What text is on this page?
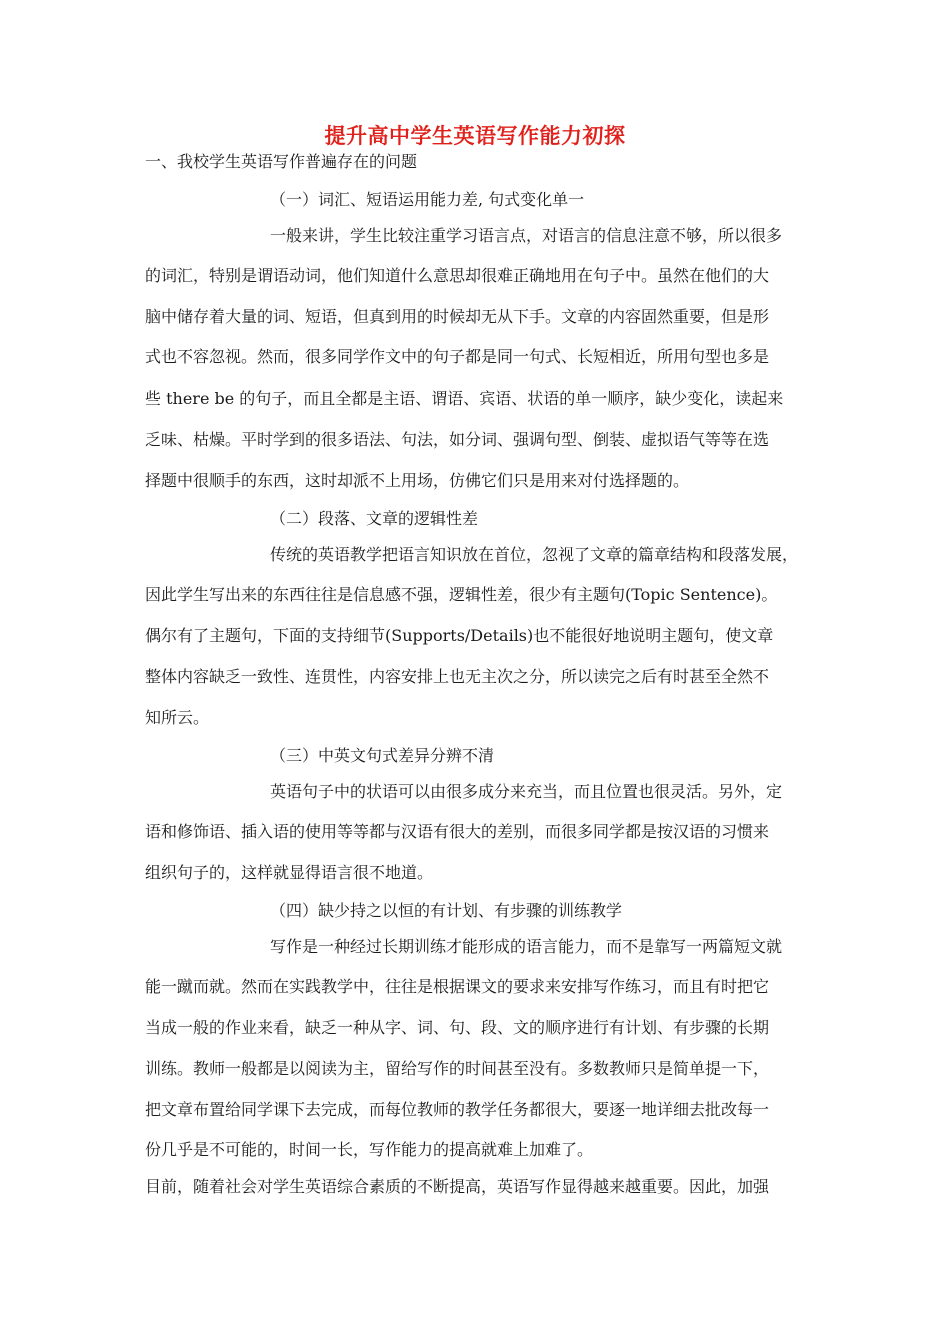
提升高中学生英语写作能力初探
一、我校学生英语写作普遍存在的问题
（一）词汇、短语运用能力差, 句式变化单一
一般来讲，学生比较注重学习语言点，对语言的信息注意不够，所以很多
的词汇，特别是谓语动词，他们知道什么意思却很难正确地用在句子中。虽然在他们的大
脑中储存着大量的词、短语，但真到用的时候却无从下手。文章的内容固然重要，但是形
式也不容忽视。然而，很多同学作文中的句子都是同一句式、长短相近，所用句型也多是
些 there be 的句子，而且全都是主语、谓语、宾语、状语的单一顺序，缺少变化，读起来
乏味、枯燥。平时学到的很多语法、句法，如分词、强调句型、倒装、虚拟语气等等在选
择题中很顺手的东西，这时却派不上用场，仿佛它们只是用来对付选择题的。
（二）段落、文章的逻辑性差
传统的英语教学把语言知识放在首位，忽视了文章的篇章结构和段落发展，
因此学生写出来的东西往往是信息感不强，逻辑性差，很少有主题句(Topic Sentence)。
偶尔有了主题句，下面的支持细节(Supports/Details)也不能很好地说明主题句，使文章
整体内容缺乏一致性、连贯性，内容安排上也无主次之分，所以读完之后有时甚至全然不
知所云。
（三）中英文句式差异分辨不清
英语句子中的状语可以由很多成分来充当，而且位置也很灵活。另外，定
语和修饰语、插入语的使用等等都与汉语有很大的差别，而很多同学都是按汉语的习惯来
组织句子的，这样就显得语言很不地道。
（四）缺少持之以恒的有计划、有步骤的训练教学
写作是一种经过长期训练才能形成的语言能力，而不是靠写一两篇短文就
能一蹴而就。然而在实践教学中，往往是根据课文的要求来安排写作练习，而且有时把它
当成一般的作业来看，缺乏一种从字、词、句、段、文的顺序进行有计划、有步骤的长期
训练。教师一般都是以阅读为主，留给写作的时间甚至没有。多数教师只是简单提一下，
把文章布置给同学课下去完成，而每位教师的教学任务都很大，要逐一地详细去批改每一
份几乎是不可能的，时间一长，写作能力的提高就难上加难了。
目前，随着社会对学生英语综合素质的不断提高，英语写作显得越来越重要。因此，加强
